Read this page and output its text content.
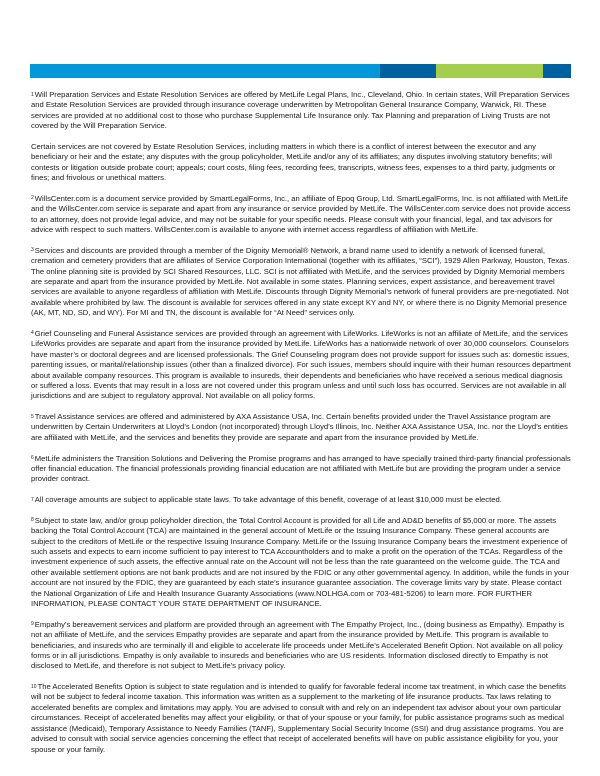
$^1$Will Preparation Services and Estate Resolution Services are offered by MetLife Legal Plans, Inc., Cleveland, Ohio. In certain states, Will Preparation Services and Estate Resolution Services are provided through insurance coverage underwritten by Metropolitan General Insurance Company, Warwick, RI. These services are provided at no additional cost to those who purchase Supplemental Life Insurance only. Tax Planning and preparation of Living Trusts are not covered by the Will Preparation Service.

Certain services are not covered by Estate Resolution Services, including matters in which there is a conflict of interest between the executor and any beneficiary or heir and the estate; any disputes with the group policyholder, MetLife and/or any of its affiliates; any disputes involving statutory benefits; will contests or litigation outside probate court; appeals; court costs, filing fees, recording fees, transcripts, witness fees, expenses to a third party, judgments or fines; and frivolous or unethical matters.

$^2$WillsCenter.com is a document service provided by SmartLegalForms, Inc., an affiliate of Epoq Group, Ltd. SmartLegalForms, Inc. is not affiliated with MetLife and the WillsCenter.com service is separate and apart from any insurance or service provided by MetLife. The WillsCenter.com service does not provide access to an attorney, does not provide legal advice, and may not be suitable for your specific needs. Please consult with your financial, legal, and tax advisors for advice with respect to such matters. WillsCenter.com is available to anyone with internet access regardless of affiliation with MetLife.

$^3$Services and discounts are provided through a member of the Dignity Memorial® Network, a brand name used to identify a network of licensed funeral, cremation and cemetery providers that are affiliates of Service Corporation International (together with its affiliates, “SCI”), 1929 Allen Parkway, Houston, Texas. The online planning site is provided by SCI Shared Resources, LLC. SCI is not affiliated with MetLife, and the services provided by Dignity Memorial members are separate and apart from the insurance provided by MetLife. Not available in some states. Planning services, expert assistance, and bereavement travel services are available to anyone regardless of affiliation with MetLife. Discounts through Dignity Memorial’s network of funeral providers are pre-negotiated. Not available where prohibited by law. The discount is available for services offered in any state except KY and NY, or where there is no Dignity Memorial presence (AK, MT, ND, SD, and WY). For MI and TN, the discount is available for “At Need” services only.

$^4$Grief Counseling and Funeral Assistance services are provided through an agreement with LifeWorks. LifeWorks is not an affiliate of MetLife, and the services LifeWorks provides are separate and apart from the insurance provided by MetLife. LifeWorks has a nationwide network of over 30,000 counselors. Counselors have master’s or doctoral degrees and are licensed professionals. The Grief Counseling program does not provide support for issues such as: domestic issues, parenting issues, or marital/relationship issues (other than a finalized divorce). For such issues, members should inquire with their human resources department about available company resources. This program is available to insureds, their dependents and beneficiaries who have received a serious medical diagnosis or suffered a loss. Events that may result in a loss are not covered under this program unless and until such loss has occurred. Services are not available in all jurisdictions and are subject to regulatory approval. Not available on all policy forms.

$^5$Travel Assistance services are offered and administered by AXA Assistance USA, Inc. Certain benefits provided under the Travel Assistance program are underwritten by Certain Underwriters at Lloyd’s London (not incorporated) through Lloyd’s Illinois, Inc. Neither AXA Assistance USA, Inc. nor the Lloyd’s entities are affiliated with MetLife, and the services and benefits they provide are separate and apart from the insurance provided by MetLife.

$^6$MetLife administers the Transition Solutions and Delivering the Promise programs and has arranged to have specially trained third-party financial professionals offer financial education. The financial professionals providing financial education are not affiliated with MetLife but are providing the program under a service provider contract.

$^7$All coverage amounts are subject to applicable state laws. To take advantage of this benefit, coverage of at least $10,000 must be elected.

$^8$Subject to state law, and/or group policyholder direction, the Total Control Account is provided for all Life and AD&D benefits of $5,000 or more. The assets backing the Total Control Account (TCA) are maintained in the general account of MetLife or the Issuing Insurance Company. These general accounts are subject to the creditors of MetLife or the respective Issuing Insurance Company. MetLife or the Issuing Insurance Company bears the investment experience of such assets and expects to earn income sufficient to pay interest to TCA Accountholders and to make a profit on the operation of the TCAs. Regardless of the investment experience of such assets, the effective annual rate on the Account will not be less than the rate guaranteed on the welcome guide. The TCA and other available settlement options are not bank products and are not insured by the FDIC or any other governmental agency. In addition, while the funds in your account are not insured by the FDIC, they are guaranteed by each state’s insurance guarantee association. The coverage limits vary by state. Please contact the National Organization of Life and Health Insurance Guaranty Associations (www.NOLHGA.com or 703-481-5206) to learn more. FOR FURTHER INFORMATION, PLEASE CONTACT YOUR STATE DEPARTMENT OF INSURANCE.

$^9$Empathy’s bereavement services and platform are provided through an agreement with The Empathy Project, Inc., (doing business as Empathy). Empathy is not an affiliate of MetLife, and the services Empathy provides are separate and apart from the insurance provided by MetLife. This program is available to beneficiaries, and insureds who are terminally ill and eligible to accelerate life proceeds under MetLife’s Accelerated Benefit Option. Not available on all policy forms or in all jurisdictions. Empathy is only available to insureds and beneficiaries who are US residents. Information disclosed directly to Empathy is not disclosed to MetLife, and therefore is not subject to MetLife’s privacy policy.

$^{10}$The Accelerated Benefits Option is subject to state regulation and is intended to qualify for favorable federal income tax treatment, in which case the benefits will not be subject to federal income taxation. This information was written as a supplement to the marketing of life insurance products. Tax laws relating to accelerated benefits are complex and limitations may apply. You are advised to consult with and rely on an independent tax advisor about your own particular circumstances. Receipt of accelerated benefits may affect your eligibility, or that of your spouse or your family, for public assistance programs such as medical assistance (Medicaid), Temporary Assistance to Needy Families (TANF), Supplementary Social Security Income (SSI) and drug assistance programs. You are advised to consult with social service agencies concerning the effect that receipt of accelerated benefits will have on public assistance eligibility for you, your spouse or your family.
